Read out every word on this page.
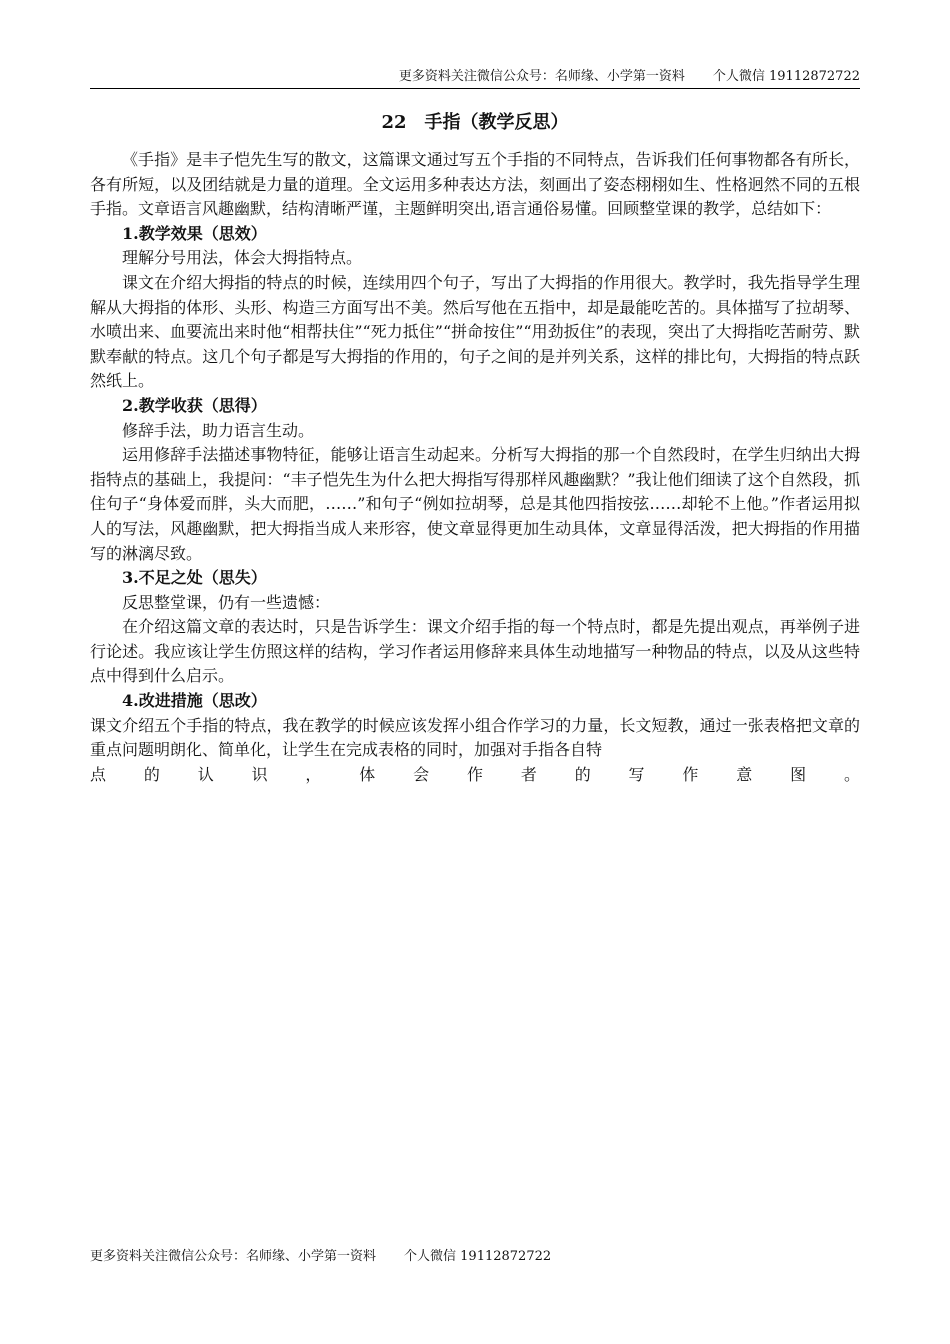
更多资料关注微信公众号：名师缘、小学第一资料 个人微信 19112872722
22　手指（教学反思）

《手指》是丰子恺先生写的散文，这篇课文通过写五个手指的不同特点，告诉我们任何事物都各有所长，各有所短，以及团结就是力量的道理。全文运用多种表达方法，刻画出了姿态栩栩如生、性格迥然不同的五根手指。文章语言风趣幽默，结构清晰严谨，主题鲜明突出,语言通俗易懂。回顾整堂课的教学，总结如下：

1.教学效果（思效）

理解分号用法，体会大拇指特点。

课文在介绍大拇指的特点的时候，连续用四个句子，写出了大拇指的作用很大。教学时，我先指导学生理解从大拇指的体形、头形、构造三方面写出不美。然后写他在五指中，却是最能吃苦的。具体描写了拉胡琴、水喷出来、血要流出来时他“相帮扶住”“死力抵住”“拼命按住”“用劲扳住”的表现，突出了大拇指吃苦耐劳、默默奉献的特点。这几个句子都是写大拇指的作用的，句子之间的是并列关系，这样的排比句，大拇指的特点跃然纸上。

2.教学收获（思得）

修辞手法，助力语言生动。

运用修辞手法描述事物特征，能够让语言生动起来。分析写大拇指的那一个自然段时，在学生归纳出大拇指特点的基础上，我提问：“丰子恺先生为什么把大拇指写得那样风趣幽默？”我让他们细读了这个自然段，抓住句子“身体爱而胖，头大而肥，……”和句子“例如拉胡琴，总是其他四指按弦……却轮不上他。”作者运用拟人的写法，风趣幽默，把大拇指当成人来形容，使文章显得更加生动具体，文章显得活泼，把大拇指的作用描写的淋漓尽致。

3.不足之处（思失）

反思整堂课，仍有一些遗憾：

在介绍这篇文章的表达时，只是告诉学生：课文介绍手指的每一个特点时，都是先提出观点，再举例子进行论述。我应该让学生仿照这样的结构，学习作者运用修辞来具体生动地描写一种物品的特点，以及从这些特点中得到什么启示。

4.改进措施（思改）

课文介绍五个手指的特点，我在教学的时候应该发挥小组合作学习的力量，长文短教，通过一张表格把文章的重点问题明朗化、简单化，让学生在完成表格的同时，加强对手指各自特

点的认识，体会作者的写作意图。

更多资料关注微信公众号：名师缘、小学第一资料 个人微信 19112872722
